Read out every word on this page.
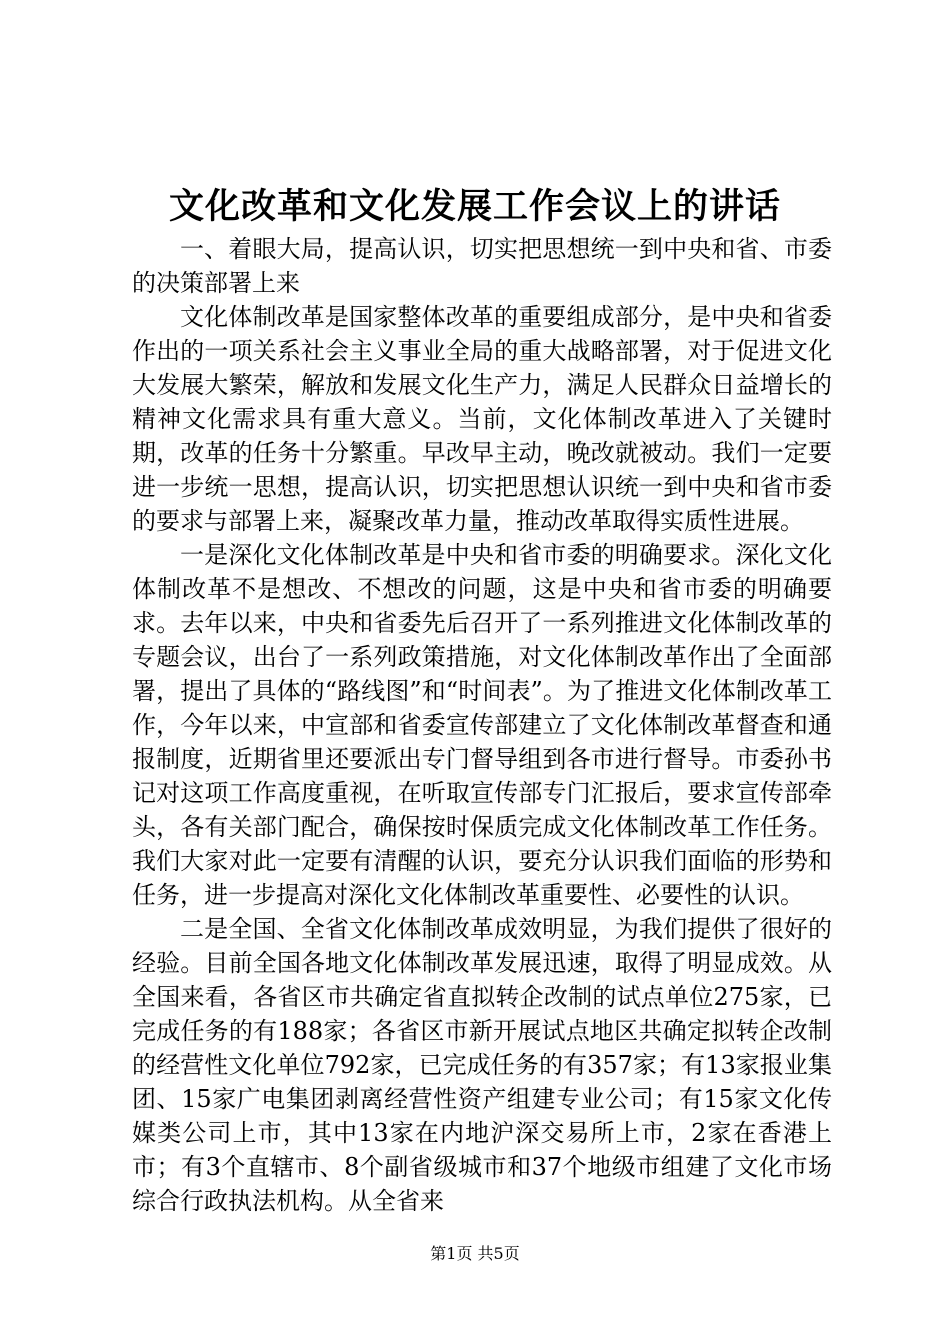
文化改革和文化发展工作会议上的讲话

一、着眼大局，提高认识，切实把思想统一到中央和省、市委的决策部署上来

文化体制改革是国家整体改革的重要组成部分，是中央和省委作出的一项关系社会主义事业全局的重大战略部署，对于促进文化大发展大繁荣，解放和发展文化生产力，满足人民群众日益增长的精神文化需求具有重大意义。当前，文化体制改革进入了关键时期，改革的任务十分繁重。早改早主动，晚改就被动。我们一定要进一步统一思想，提高认识，切实把思想认识统一到中央和省市委的要求与部署上来，凝聚改革力量，推动改革取得实质性进展。

一是深化文化体制改革是中央和省市委的明确要求。深化文化体制改革不是想改、不想改的问题，这是中央和省市委的明确要求。去年以来，中央和省委先后召开了一系列推进文化体制改革的专题会议，出台了一系列政策措施，对文化体制改革作出了全面部署，提出了具体的“路线图”和“时间表”。为了推进文化体制改革工作，今年以来，中宣部和省委宣传部建立了文化体制改革督查和通报制度，近期省里还要派出专门督导组到各市进行督导。市委孙书记对这项工作高度重视，在听取宣传部专门汇报后，要求宣传部牵头，各有关部门配合，确保按时保质完成文化体制改革工作任务。我们大家对此一定要有清醒的认识，要充分认识我们面临的形势和任务，进一步提高对深化文化体制改革重要性、必要性的认识。

二是全国、全省文化体制改革成效明显，为我们提供了很好的经验。目前全国各地文化体制改革发展迅速，取得了明显成效。从全国来看，各省区市共确定省直拟转企改制的试点单位275家，已完成任务的有188家；各省区市新开展试点地区共确定拟转企改制的经营性文化单位792家，已完成任务的有357家；有13家报业集团、15家广电集团剥离经营性资产组建专业公司；有15家文化传媒类公司上市，其中13家在内地沪深交易所上市，2家在香港上市；有3个直辖市、8个副省级城市和37个地级市组建了文化市场综合行政执法机构。从全省来

第1页 共5页
